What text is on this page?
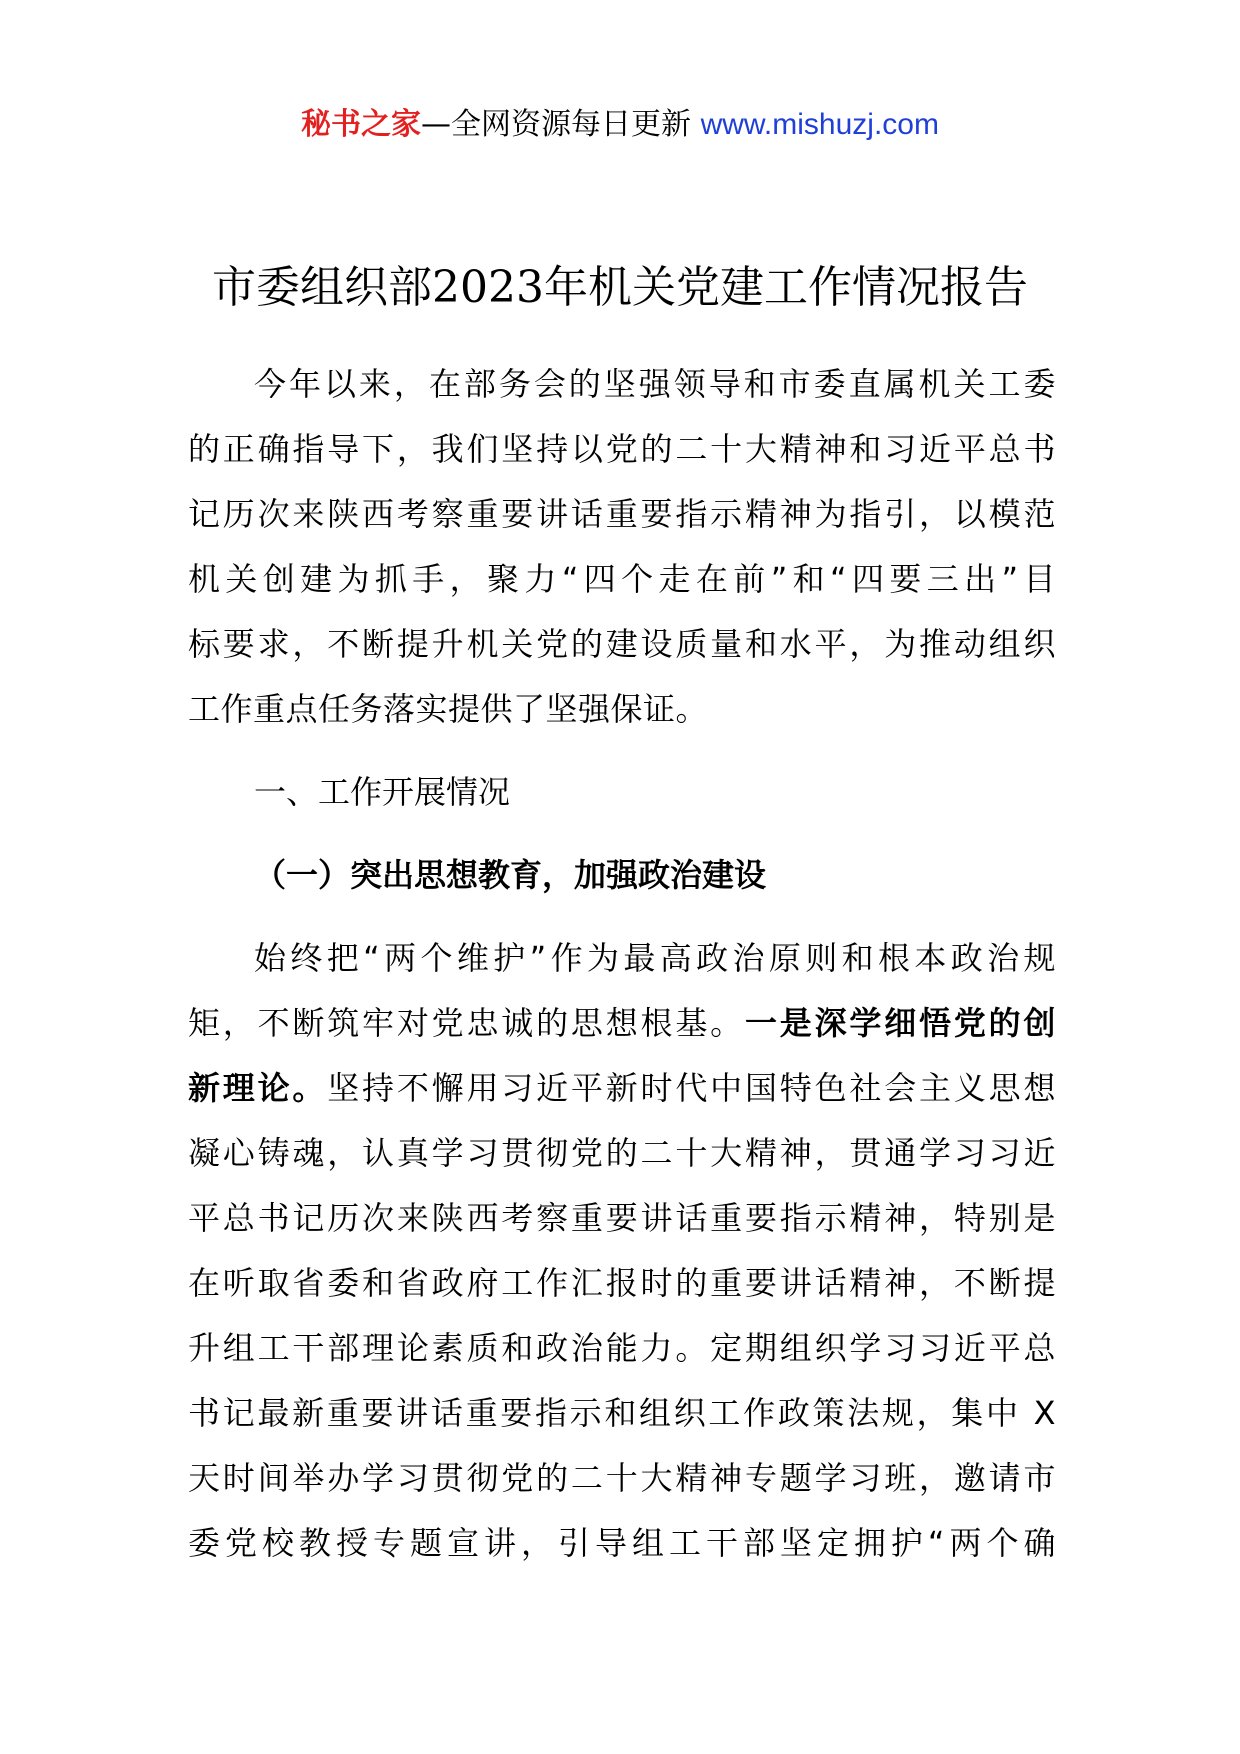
秘书之家—全网资源每日更新 www.mishuzj.com
市委组织部2023年机关党建工作情况报告
今年以来，在部务会的坚强领导和市委直属机关工委
的正确指导下，我们坚持以党的二十大精神和习近平总书
记历次来陕西考察重要讲话重要指示精神为指引，以模范
机关创建为抓手，聚力“四个走在前”和“四要三出”目
标要求，不断提升机关党的建设质量和水平，为推动组织
工作重点任务落实提供了坚强保证。
一、工作开展情况
（一）突出思想教育，加强政治建设
始终把“两个维护”作为最高政治原则和根本政治规
矩，不断筑牢对党忠诚的思想根基。一是深学细悟党的创
新理论。坚持不懈用习近平新时代中国特色社会主义思想
凝心铸魂，认真学习贯彻党的二十大精神，贯通学习习近
平总书记历次来陕西考察重要讲话重要指示精神，特别是
在听取省委和省政府工作汇报时的重要讲话精神，不断提
升组工干部理论素质和政治能力。定期组织学习习近平总
书记最新重要讲话重要指示和组织工作政策法规，集中 X
天时间举办学习贯彻党的二十大精神专题学习班，邀请市
委党校教授专题宣讲，引导组工干部坚定拥护“两个确
